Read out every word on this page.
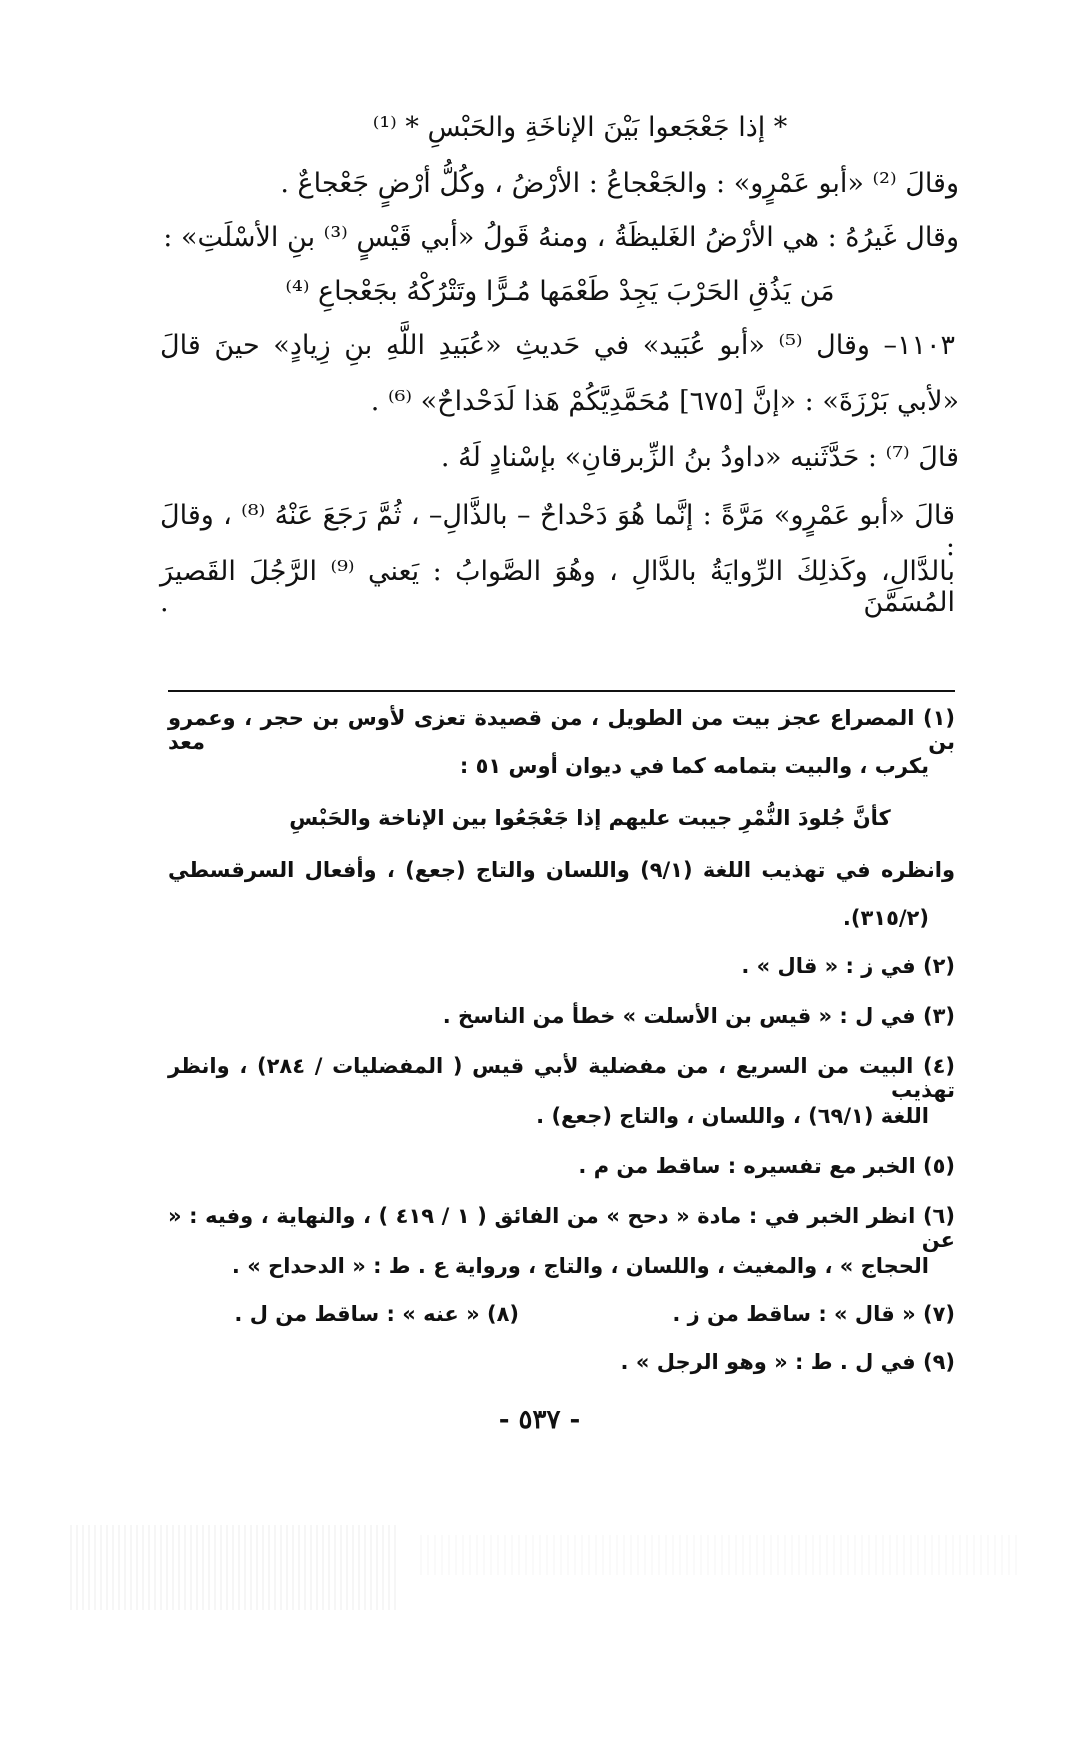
* إذا جَعْجَعوا بَيْنَ الإناخَةِ والحَبْسِ * ⁽¹⁾
وقالَ ⁽²⁾ «أبو عَمْرٍو» : والجَعْجاعُ : الأرْضُ ، وكُلُّ أرْضٍ جَعْجاعٌ .
وقال غَيرُهُ : هي الأرْضُ الغَليظَةُ ، ومنهُ قَولُ «أبي قَيْسٍ ⁽³⁾ بنِ الأسْلَتِ» :
مَن يَذُقِ الحَرْبَ يَجِدْ طَعْمَها مُـرًّا وتَتْرُكْهُ بجَعْجاعِ ⁽⁴⁾
١١٠٣– وقال ⁽⁵⁾ «أبو عُبَيد» في حَديثِ «عُبَيدِ اللَّهِ بنِ زِيادٍ» حينَ قالَ
«لأبي بَرْزَةَ» : «إنَّ [٦٧٥] مُحَمَّدِيَّكُمْ هَذا لَدَحْداحٌ» ⁽⁶⁾ .
قالَ ⁽⁷⁾ : حَدَّثَنيه «داودُ بنُ الزِّبرقانِ» بإسْنادٍ لَهُ .
قالَ «أبو عَمْرٍو» مَرَّةً : إنَّما هُوَ دَحْداحٌ – بالذَّالِ– ، ثُمَّ رَجَعَ عَنْهُ ⁽⁸⁾ ، وقالَ :
بالدَّالِ، وكَذلِكَ الرِّوايَةُ بالدَّالِ ، وهُوَ الصَّوابُ : يَعني ⁽⁹⁾ الرَّجُلَ القَصيرَ المُسَمَّنَ .
(١) المصراع عجز بيت من الطويل ، من قصيدة تعزى لأوس بن حجر ، وعمرو بن معد
يكرب ، والبيت بتمامه كما في ديوان أوس ٥١ :
كأنَّ جُلودَ النُّمْرِ جيبت عليهم إذا جَعْجَعُوا بين الإناخة والحَبْسِ
وانظره في تهذيب اللغة (٩/١) واللسان والتاج (جعع) ، وأفعال السرقسطي
.(٣١٥/٢)
(٢) في ز : « قال » .
(٣) في ل : « قيس بن الأسلت » خطأ من الناسخ .
(٤) البيت من السريع ، من مفضلية لأبي قيس ( المفضليات / ٢٨٤) ، وانظر تهذيب
اللغة (٦٩/١) ، واللسان ، والتاج (جعع) .
(٥) الخبر مع تفسيره : ساقط من م .
(٦) انظر الخبر في : مادة « دحح » من الفائق ( ١ / ٤١٩ ) ، والنهاية ، وفيه : « عن
الحجاج » ، والمغيث ، واللسان ، والتاج ، ورواية ع . ط : « الدحداح » .
(٧) « قال » : ساقط من ز .
(٨) « عنه » : ساقط من ل .
(٩) في ل . ط : « وهو الرجل » .
- ٥٣٧ -
